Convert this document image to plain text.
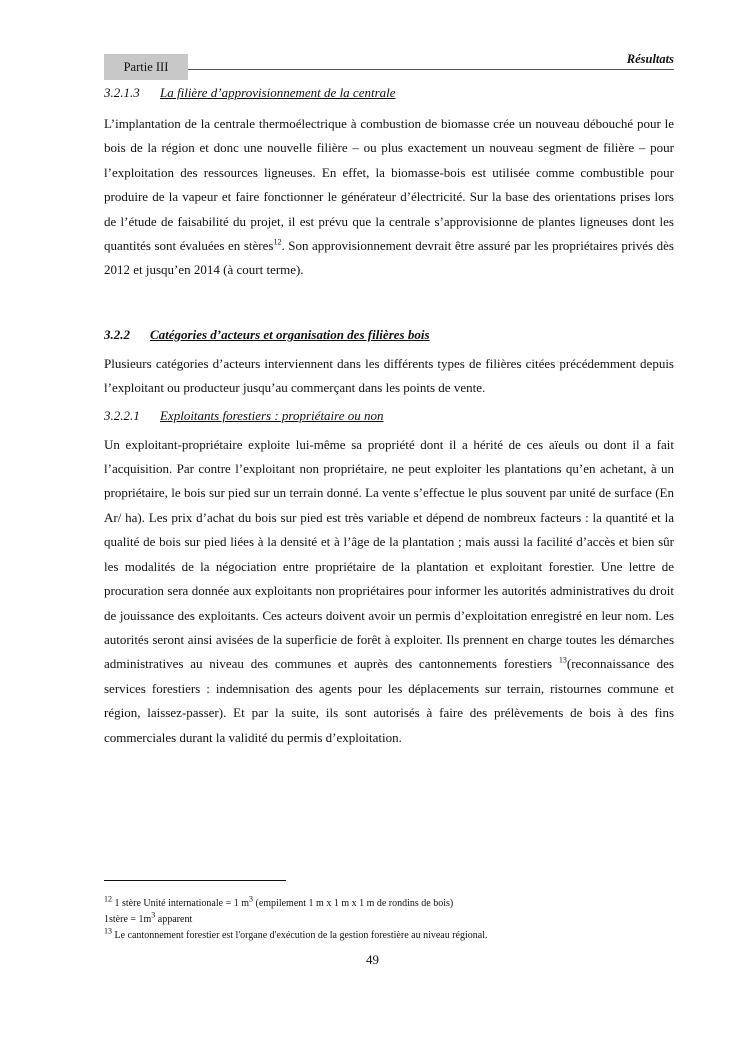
Partie III
Résultats
3.2.1.3 La filière d’approvisionnement de la centrale

L’implantation de la centrale thermoélectrique à combustion de biomasse crée un nouveau débouché pour le bois de la région et donc une nouvelle filière – ou plus exactement un nouveau segment de filière – pour l’exploitation des ressources ligneuses. En effet, la biomasse-bois est utilisée comme combustible pour produire de la vapeur et faire fonctionner le générateur d’électricité. Sur la base des orientations prises lors de l’étude de faisabilité du projet, il est prévu que la centrale s’approvisionne de plantes ligneuses dont les quantités sont évaluées en stères$^{12}$. Son approvisionnement devrait être assuré par les propriétaires privés dès 2012 et jusqu’en 2014 (à court terme).

3.2.2 Catégories d’acteurs et organisation des filières bois

Plusieurs catégories d’acteurs interviennent dans les différents types de filières citées précédemment depuis l’exploitant ou producteur jusqu’au commerçant dans les points de vente.

3.2.2.1 Exploitants forestiers : propriétaire ou non

Un exploitant-propriétaire exploite lui-même sa propriété dont il a hérité de ces aïeuls ou dont il a fait l’acquisition. Par contre l’exploitant non propriétaire, ne peut exploiter les plantations qu’en achetant, à un propriétaire, le bois sur pied sur un terrain donné. La vente s’effectue le plus souvent par unité de surface (En Ar/ ha). Les prix d’achat du bois sur pied est très variable et dépend de nombreux facteurs : la quantité et la qualité de bois sur pied liées à la densité et à l’âge de la plantation ; mais aussi la facilité d’accès et bien sûr les modalités de la négociation entre propriétaire de la plantation et exploitant forestier. Une lettre de procuration sera donnée aux exploitants non propriétaires pour informer les autorités administratives du droit de jouissance des exploitants. Ces acteurs doivent avoir un permis d’exploitation enregistré en leur nom. Les autorités seront ainsi avisées de la superficie de forêt à exploiter. Ils prennent en charge toutes les démarches administratives au niveau des communes et auprès des cantonnements forestiers $^{13}$(reconnaissance des services forestiers : indemnisation des agents pour les déplacements sur terrain, ristournes commune et région, laissez-passer). Et par la suite, ils sont autorisés à faire des prélèvements de bois à des fins commerciales durant la validité du permis d’exploitation.

$^{12}$ 1 stère Unité internationale = 1 $m^3$ (empilement 1 m x 1 m x 1 m de rondins de bois)
1stère = $1m^3$ apparent
$^{13}$ Le cantonnement forestier est l'organe d'exécution de la gestion forestière au niveau régional.
49
